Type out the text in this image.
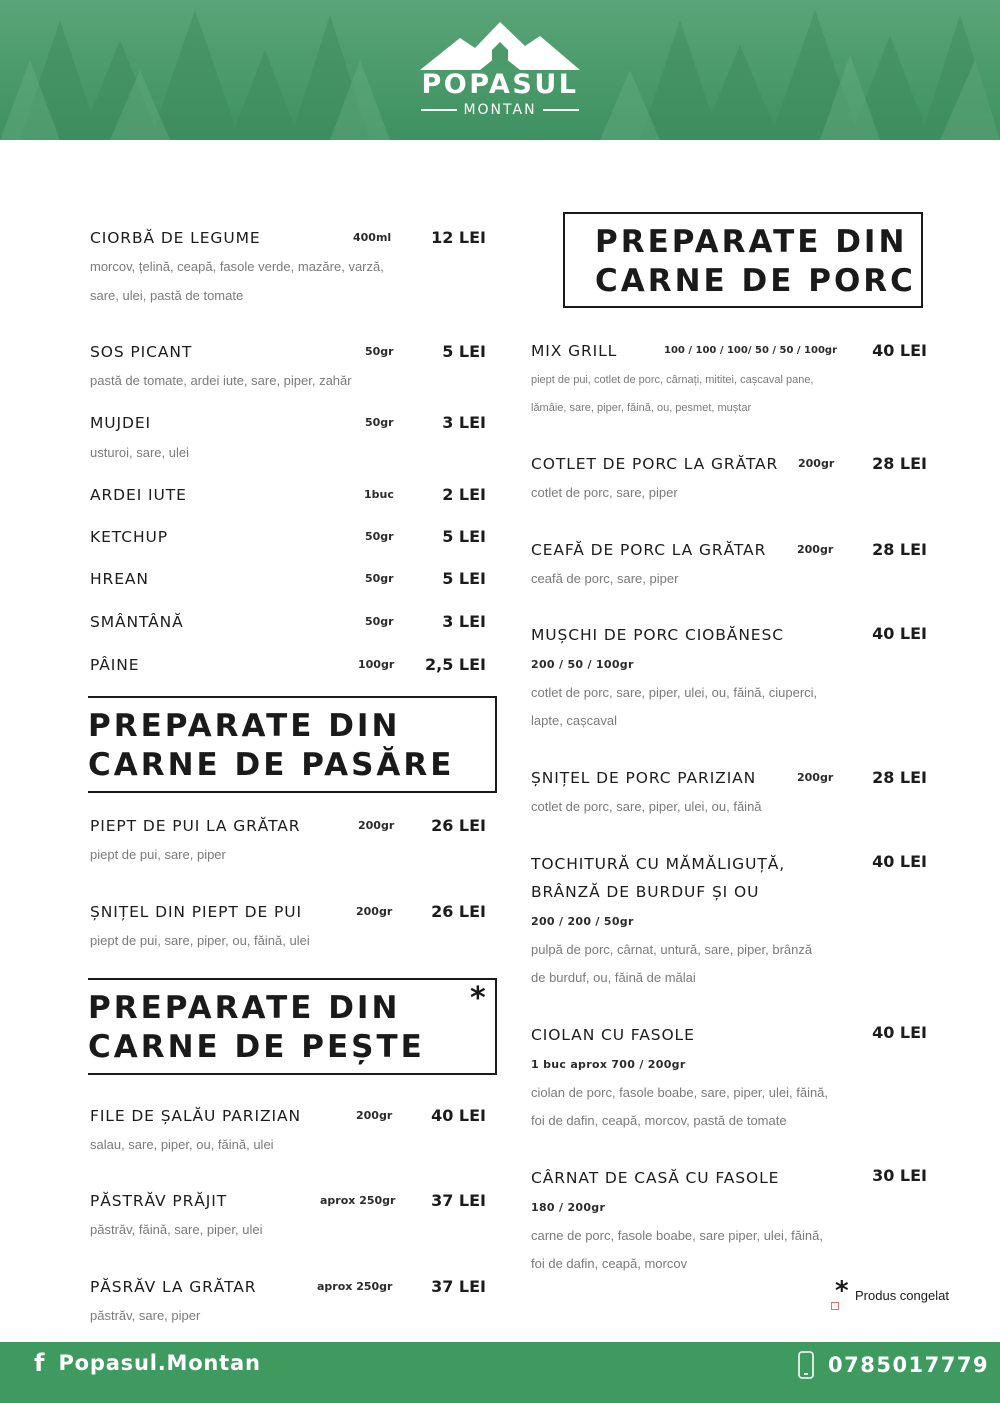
POPASUL
MONTAN
CIORBĂ DE LEGUME	400ml 12 LEI
morcov, țelină, ceapă, fasole verde, mazăre, varză,
sare, ulei, pastă de tomate
SOS PICANT	50gr	5 LEI
pastă de tomate, ardei iute, sare, piper, zahăr
MUJDEI	50gr	3 LEI
usturoi, sare, ulei
ARDEI IUTE	1buc	2 LEI
KETCHUP	50gr	5 LEI
HREAN	50gr	5 LEI
SMÂNTÂNĂ	50gr	3 LEI
PÂINE	100gr 2,5 LEI
PREPARATE DIN
CARNE DE PASĂRE
PIEPT DE PUI LA GRĂTAR	200gr 26 LEI
piept de pui, sare, piper
ȘNIȚEL DIN PIEPT DE PUI	200gr 26 LEI
piept de pui, sare, piper, ou, făină, ulei
PREPARATE DIN
CARNE DE PEȘTE
*
FILE DE ȘALĂU PARIZIAN	200gr 40 LEI
salau, sare, piper, ou, făină, ulei
PĂSTRĂV PRĂJIT	aprox 250gr 37 LEI
păstrăv, făină, sare, piper, ulei
PĂSRĂV LA GRĂTAR	aprox 250gr 37 LEI
păstrăv, sare, piper
PREPARATE DIN
CARNE DE PORC
MIX GRILL	100 / 100 / 100/ 50 / 50 / 100gr 40 LEI
piept de pui, cotlet de porc, cârnați, mititei, cașcaval pane,
lămâie, sare, piper, făină, ou, pesmet, muștar
COTLET DE PORC LA GRĂTAR 200gr 28 LEI
cotlet de porc, sare, piper
CEAFĂ DE PORC LA GRĂTAR	200gr 28 LEI
ceafă de porc, sare, piper
MUȘCHI DE PORC CIOBĂNESC	40 LEI
200 / 50 / 100gr
cotlet de porc, sare, piper, ulei, ou, făină, ciuperci,
lapte, cașcaval
ȘNIȚEL DE PORC PARIZIAN	200gr 28 LEI
cotlet de porc, sare, piper, ulei, ou, făină
TOCHITURĂ CU MĂMĂLIGUȚĂ,
BRÂNZĂ DE BURDUF ȘI OU
40 LEI
200 / 200 / 50gr
pulpă de porc, cârnat, untură, sare, piper, brânză
de burduf, ou, făină de mălai
CIOLAN CU FASOLE	40 LEI
1 buc aprox 700 / 200gr
ciolan de porc, fasole boabe, sare, piper, ulei, făină,
foi de dafin, ceapă, morcov, pastă de tomate
CÂRNAT DE CASĂ CU FASOLE	30 LEI
180 / 200gr
carne de porc, fasole boabe, sare piper, ulei, făină,
foi de dafin, ceapă, morcov
* Produs congelat
f Popasul.Montan	0785017779
